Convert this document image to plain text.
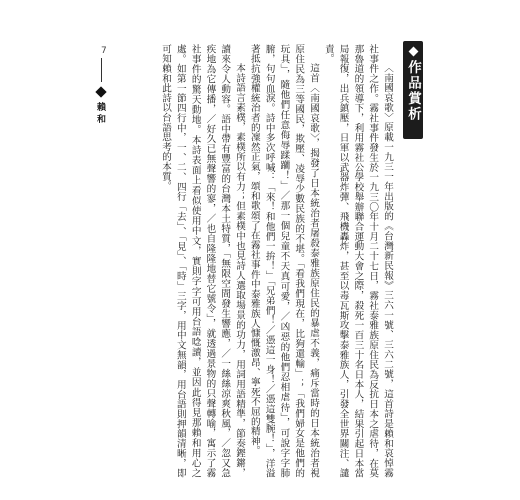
7
賴 和	作品賞析

〈南國哀歌〉原載一九三一年出版的《台灣新民報》三六一號、三六二號，這首詩是賴和哀悼霧社事件之作。霧社事件發生於一九三〇年十月二十七日，霧社泰雅族原住民為反抗日本之虐待，在莫那魯道的領導下，利用霧社公學校舉辦聯合運動大會之際，殺死一百三十名日本人，結果引起日本當局報復，出兵鎮壓，日軍以武器炸彈、飛機轟炸，甚至以毒瓦斯攻擊泰雅族人，引發全世界關注、譴責。

這首〈南國哀歌〉，揭發了日本統治者屠殺泰雅族原住民的暴虐不義，痛斥當時的日本統治者視原住民為三等國民，欺壓、凌辱少數民族的不堪。「看我們現在，比狗還輸」；「我們婦女是他們的玩具」，隨他們任意侮辱蹂躪！」／那一個兒童不天真可愛，／凶惡的他們忍相虐待」，可說字字肺腑，句句血淚。詩中多次呼喊：「來！和他們一拚！」「兄弟們！／憑這一身！／憑這雙腕！」，洋溢著抵抗強權統治者的凜然正氣，頌和歌頌了在霧社事件中泰雅族人慷慨激昂、寧死不屈的精神。

本詩語言素樸，素樸所以有力；但素樸中也見詩人選取場景的功力，用詞用語精準，節奏鏗鏘，讀來令人動容。語中帶有豐富的台灣本土特質，「無限空間發生響應，／一絲絲涼爽秋風，／忽又急疾地為它傳播，／好久已無聲響的寥，／也自隆隆地替它號令」，就透過景物的只聲轉喻，寓示了霧社事件的驚天動地。本詩表面上看似使用中文，實則字字可用台語唸讀，並因此得見那賴和用心之處。如第一節四行中，一、二、四行「去」、「見」、「時」三字，用中文無韻，用台語則押韻清晰，即可知賴和此詩以台語思考的本質。
